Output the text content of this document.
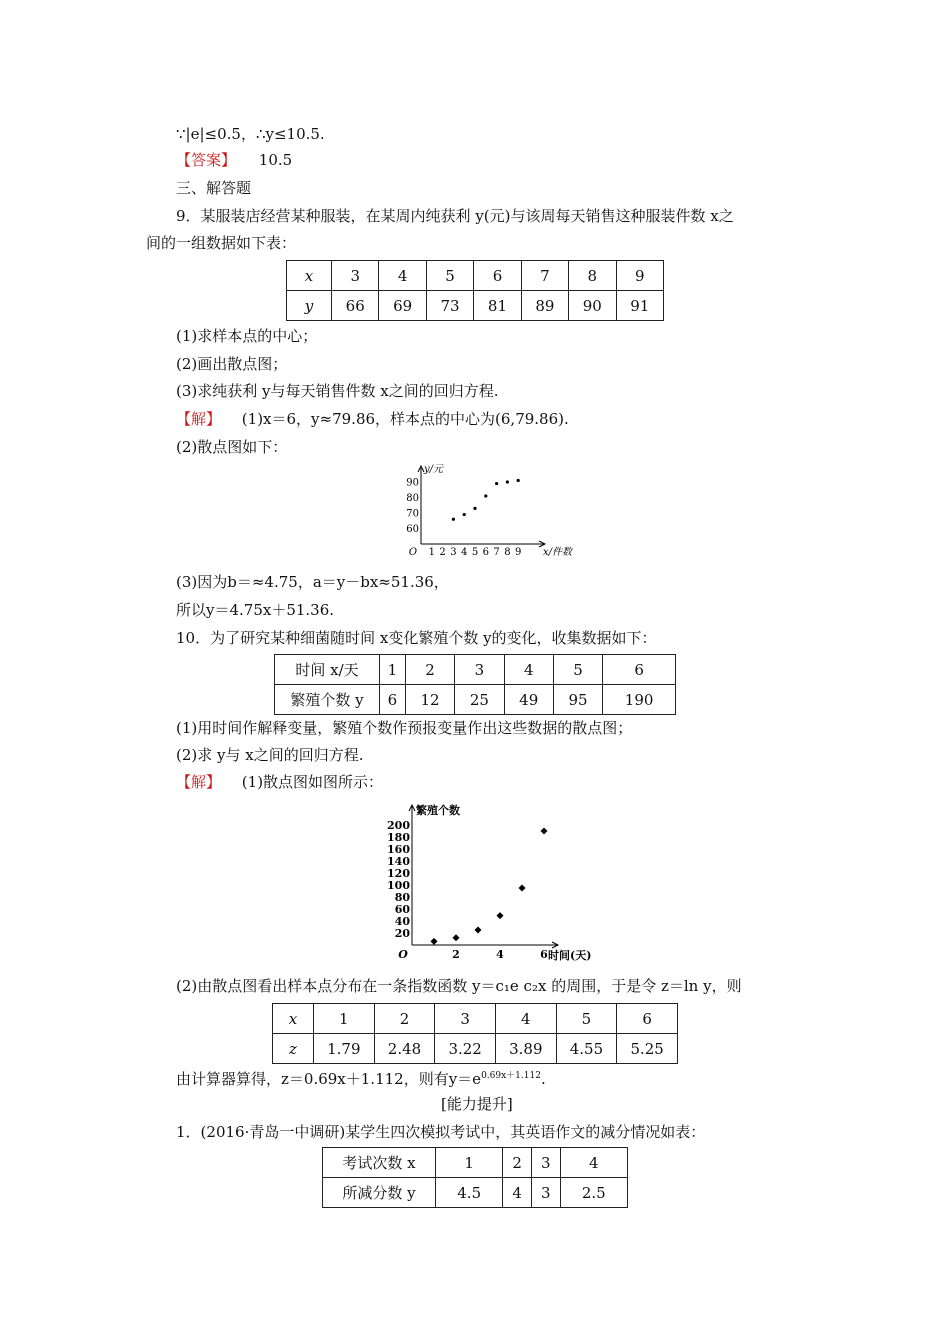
∵|e|≤0.5，∴y≤10.5.
【答案】 10.5
三、解答题
9．某服装店经营某种服装，在某周内纯获利 y(元)与该周每天销售这种服装件数 x之
间的一组数据如下表：
x	3	4	5	6	7	8	9
y	66	69	73	81	89	90	91
(1)求样本点的中心；
(2)画出散点图；
(3)求纯获利 y与每天销售件数 x之间的回归方程.
【解】 (1)x＝6，y≈79.86，样本点的中心为(6,79.86).
(2)散点图如下：
y/元
x/件数
60
70
80
90
O 1 2 3 4 5 6 7 8 9
(3)因为b＝≈4.75，a＝y－bx≈51.36，
所以y＝4.75x＋51.36.
10．为了研究某种细菌随时间 x变化繁殖个数 y的变化，收集数据如下：
时间 x/天	1	2	3	4	5	6
繁殖个数 y	6	12	25	49	95	190
(1)用时间作解释变量，繁殖个数作预报变量作出这些数据的散点图；
(2)求 y与 x之间的回归方程.
【解】 (1)散点图如图所示：
繁殖个数
时间(天)
20
40
60
80
100
120
140
160
180
200
O	2	4	6
(2)由散点图看出样本点分布在一条指数函数 y＝c₁e c₂x 的周围，于是令 z＝ln y，则
x	1	2	3	4	5	6
z	1.79	2.48	3.22	3.89	4.55	5.25
由计算器算得，z＝0.69x＋1.112，则有$y=e^{0.69x+1.112}$.
[能力提升]
1．(2016·青岛一中调研)某学生四次模拟考试中，其英语作文的减分情况如表：
考试次数 x	1	2	3	4
所减分数 y	4.5	4	3	2.5
